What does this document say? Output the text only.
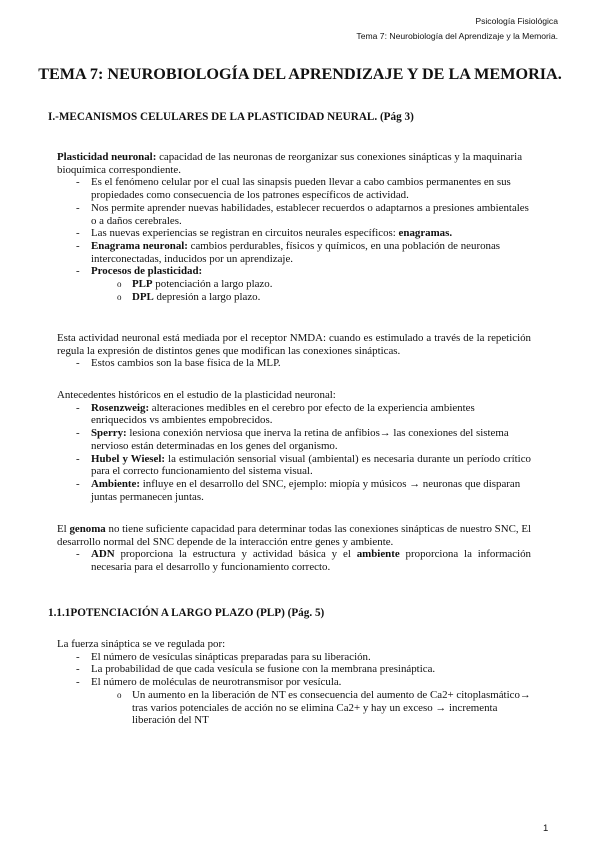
Psicología Fisiológica
Tema 7: Neurobiología del Aprendizaje y la Memoria.
TEMA 7: NEUROBIOLOGÍA DEL APRENDIZAJE Y DE LA MEMORIA.
I.-MECANISMOS CELULARES DE LA PLASTICIDAD NEURAL. (Pág 3)

Plasticidad neuronal: capacidad de las neuronas de reorganizar sus conexiones sinápticas y la maquinaria bioquímica correspondiente.

- Es el fenómeno celular por el cual las sinapsis pueden llevar a cabo cambios permanentes en sus propiedades como consecuencia de los patrones específicos de actividad.
- Nos permite aprender nuevas habilidades, establecer recuerdos o adaptarnos a presiones ambientales o a daños cerebrales.
- Las nuevas experiencias se registran en circuitos neurales específicos: enagramas.
- Enagrama neuronal: cambios perdurables, físicos y químicos, en una población de neuronas interconectadas, inducidos por un aprendizaje.
- Procesos de plasticidad:
o PLP potenciación a largo plazo.
o DPL depresión a largo plazo.

Esta actividad neuronal está mediada por el receptor NMDA: cuando es estimulado a través de la repetición regula la expresión de distintos genes que modifican las conexiones sinápticas.

- Estos cambios son la base física de la MLP.

Antecedentes históricos en el estudio de la plasticidad neuronal:

- Rosenzweig: alteraciones medibles en el cerebro por efecto de la experiencia ambientes enriquecidos vs ambientes empobrecidos.
- Sperry: lesiona conexión nerviosa que inerva la retina de anfibios→ las conexiones del sistema nervioso están determinadas en los genes del organismo.
- Hubel y Wiesel: la estimulación sensorial visual (ambiental) es necesaria durante un período crítico para el correcto funcionamiento del sistema visual.
- Ambiente: influye en el desarrollo del SNC, ejemplo: miopía y músicos → neuronas que disparan juntas permanecen juntas.

El genoma no tiene suficiente capacidad para determinar todas las conexiones sinápticas de nuestro SNC, El desarrollo normal del SNC depende de la interacción entre genes y ambiente.

- ADN proporciona la estructura y actividad básica y el ambiente proporciona la información necesaria para el desarrollo y funcionamiento correcto.
1.1.1POTENCIACIÓN A LARGO PLAZO (PLP) (Pág. 5)

La fuerza sináptica se ve regulada por:

- El número de vesículas sinápticas preparadas para su liberación.
- La probabilidad de que cada vesícula se fusione con la membrana presináptica.
- El número de moléculas de neurotransmisor por vesícula.
o Un aumento en la liberación de NT es consecuencia del aumento de Ca2+ citoplasmático→ tras varios potenciales de acción no se elimina Ca2+ y hay un exceso → incrementa liberación del NT
1
